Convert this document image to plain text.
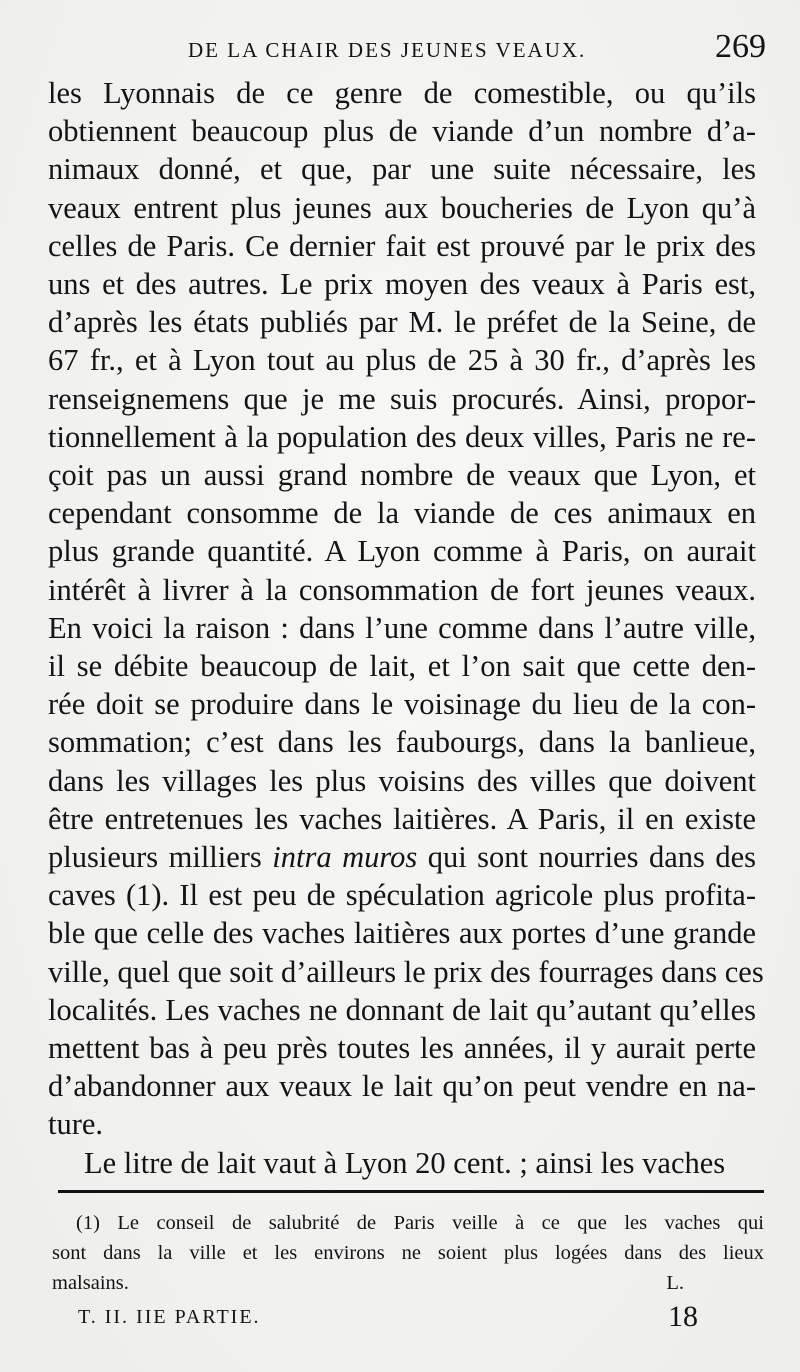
DE LA CHAIR DES JEUNES VEAUX.	269
les Lyonnais de ce genre de comestible, ou qu’ils
obtiennent beaucoup plus de viande d’un nombre d’a-
nimaux donné, et que, par une suite nécessaire, les
veaux entrent plus jeunes aux boucheries de Lyon qu’à
celles de Paris. Ce dernier fait est prouvé par le prix des
uns et des autres. Le prix moyen des veaux à Paris est,
d’après les états publiés par M. le préfet de la Seine, de
67 fr., et à Lyon tout au plus de 25 à 30 fr., d’après les
renseignemens que je me suis procurés. Ainsi, propor-
tionnellement à la population des deux villes, Paris ne re-
çoit pas un aussi grand nombre de veaux que Lyon, et
cependant consomme de la viande de ces animaux en
plus grande quantité. A Lyon comme à Paris, on aurait
intérêt à livrer à la consommation de fort jeunes veaux.
En voici la raison : dans l’une comme dans l’autre ville,
il se débite beaucoup de lait, et l’on sait que cette den-
rée doit se produire dans le voisinage du lieu de la con-
sommation; c’est dans les faubourgs, dans la banlieue,
dans les villages les plus voisins des villes que doivent
être entretenues les vaches laitières. A Paris, il en existe
plusieurs milliers intra muros qui sont nourries dans des
caves (1). Il est peu de spéculation agricole plus profita-
ble que celle des vaches laitières aux portes d’une grande
ville, quel que soit d’ailleurs le prix des fourrages dans ces
localités. Les vaches ne donnant de lait qu’autant qu’elles
mettent bas à peu près toutes les années, il y aurait perte
d’abandonner aux veaux le lait qu’on peut vendre en na-
ture.
Le litre de lait vaut à Lyon 20 cent. ; ainsi les vaches
(1) Le conseil de salubrité de Paris veille à ce que les vaches qui
sont dans la ville et les environs ne soient plus logées dans des lieux
malsains.	L.
T. II. IIE PARTIE.	18
